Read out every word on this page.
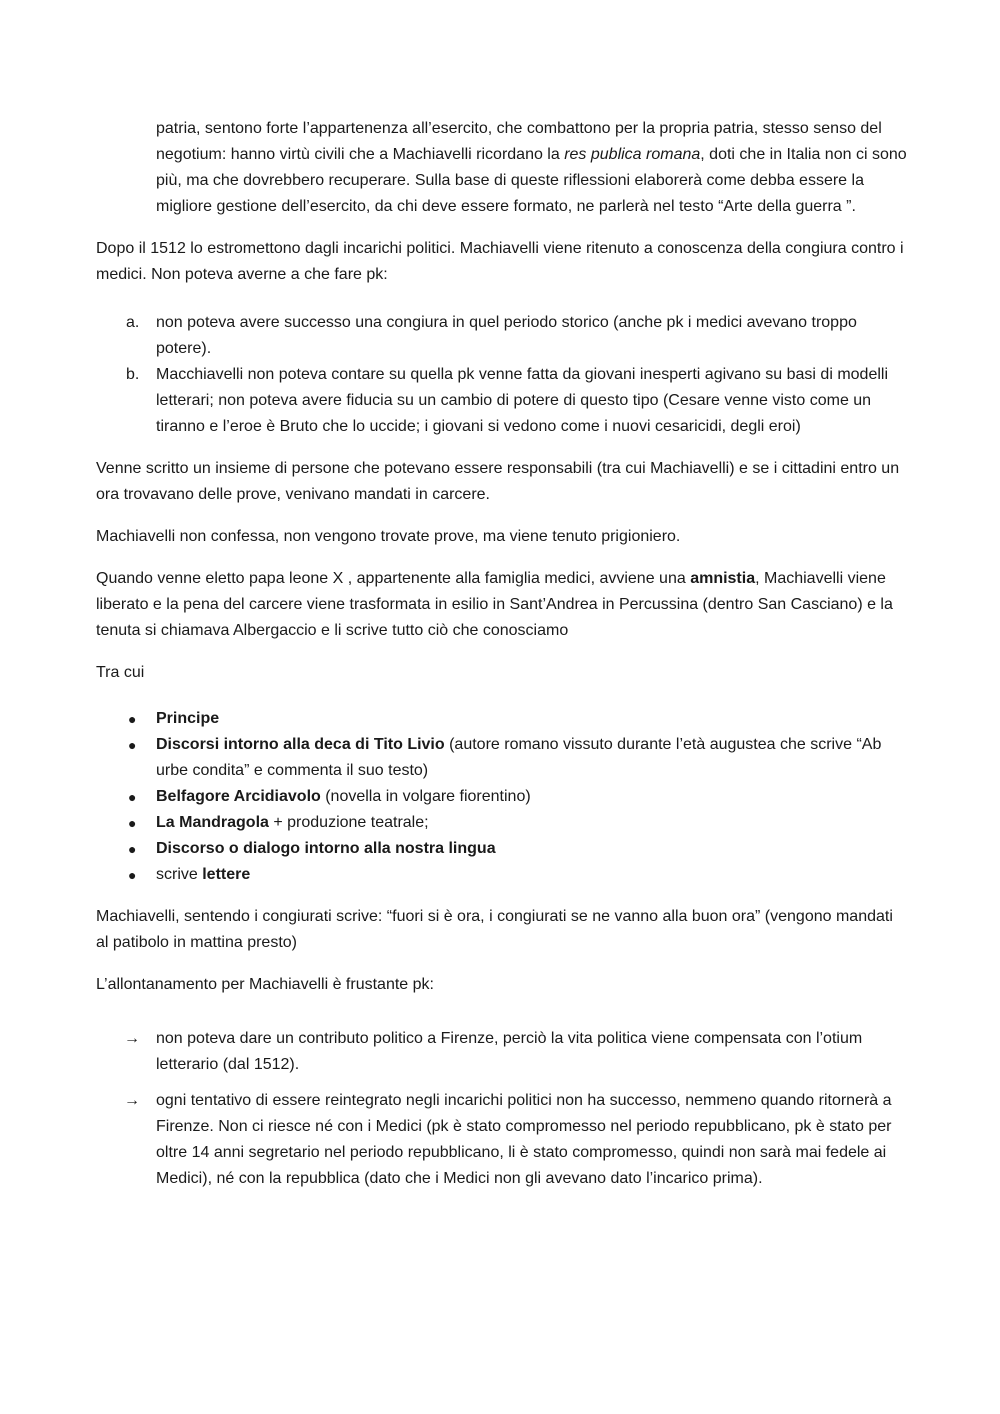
patria, sentono forte l’appartenenza all’esercito, che combattono per la propria patria, stesso senso del negotium: hanno virtù civili che a Machiavelli ricordano la res publica romana, doti che in Italia non ci sono più, ma che dovrebbero recuperare. Sulla base di queste riflessioni elaborerà come debba essere la migliore gestione dell’esercito, da chi deve essere formato, ne parlerà nel testo “Arte della guerra ”.

Dopo il 1512 lo estromettono dagli incarichi politici. Machiavelli viene ritenuto a conoscenza della congiura contro i medici. Non poteva averne a che fare pk:

a. non poteva avere successo una congiura in quel periodo storico (anche pk i medici avevano troppo potere).
b. Macchiavelli non poteva contare su quella pk venne fatta da giovani inesperti agivano su basi di modelli letterari; non poteva avere fiducia su un cambio di potere di questo tipo (Cesare venne visto come un tiranno e l’eroe è Bruto che lo uccide; i giovani si vedono come i nuovi cesaricidi, degli eroi)

Venne scritto un insieme di persone che potevano essere responsabili (tra cui Machiavelli) e se i cittadini entro un ora trovavano delle prove, venivano mandati in carcere.

Machiavelli non confessa, non vengono trovate prove, ma viene tenuto prigioniero.

Quando venne eletto papa leone X , appartenente alla famiglia medici, avviene una amnistia, Machiavelli viene liberato e la pena del carcere viene trasformata in esilio in Sant’Andrea in Percussina (dentro San Casciano) e la tenuta si chiamava Albergaccio e li scrive tutto ciò che conosciamo

Tra cui

● Principe
● Discorsi intorno alla deca di Tito Livio (autore romano vissuto durante l’età augustea che scrive “Ab urbe condita” e commenta il suo testo)
● Belfagore Arcidiavolo (novella in volgare fiorentino)
● La Mandragola + produzione teatrale;
● Discorso o dialogo intorno alla nostra lingua
● scrive lettere

Machiavelli, sentendo i congiurati scrive: “fuori si è ora, i congiurati se ne vanno alla buon ora” (vengono mandati al patibolo in mattina presto)

L’allontanamento per Machiavelli è frustante pk:

→ non poteva dare un contributo politico a Firenze, perciò la vita politica viene compensata con l’otium letterario (dal 1512).
→ ogni tentativo di essere reintegrato negli incarichi politici non ha successo, nemmeno quando ritornerà a Firenze. Non ci riesce né con i Medici (pk è stato compromesso nel periodo repubblicano, pk è stato per oltre 14 anni segretario nel periodo repubblicano, li è stato compromesso, quindi non sarà mai fedele ai Medici), né con la repubblica (dato che i Medici non gli avevano dato l’incarico prima).
